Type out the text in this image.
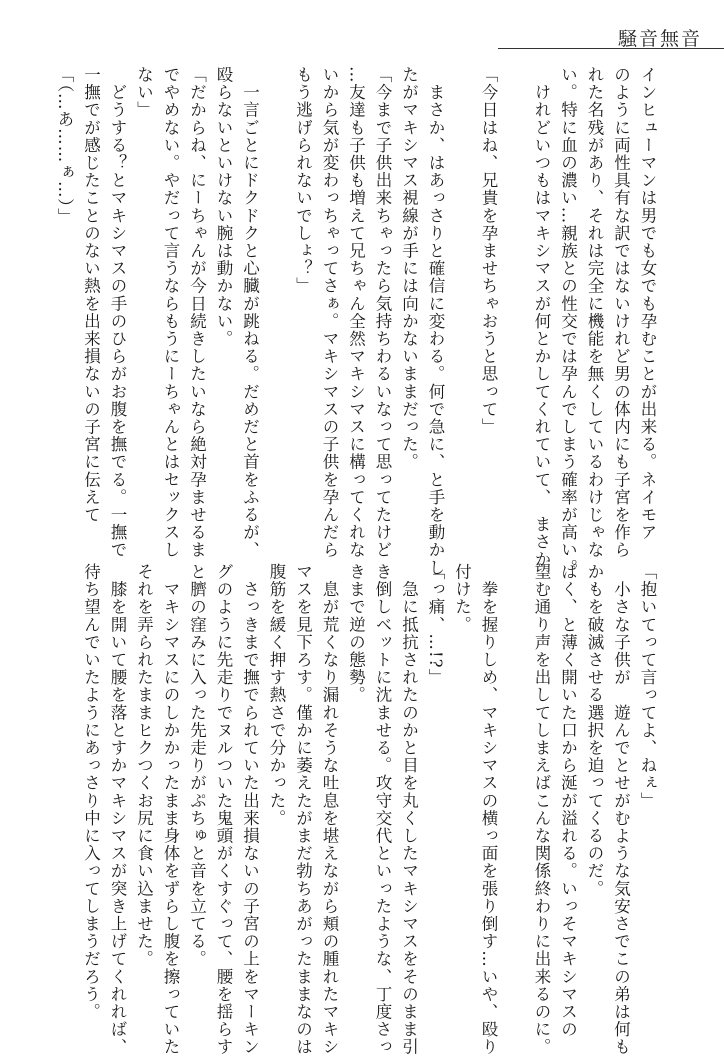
騒音無音
インヒューマンは男でも女でも孕むことが出来る。ネイモア
のように両性具有な訳ではないけれど男の体内にも子宮を作ら
れた名残があり、それは完全に機能を無くしているわけじゃな
い。特に血の濃い…親族との性交では孕んでしまう確率が高い。
　けれどいつもはマキシマスが何とかしてくれていて、　まさか
「今日はね、兄貴を孕ませちゃおうと思って」
　まさか、はあっさりと確信に変わる。何で急に、と手を動かし
たがマキシマス視線が手には向かないままだった。
「今まで子供出来ちゃったら気持ちわるいなって思ってたけど
…友達も子供も増えて兄ちゃん全然マキシマスに構ってくれな
いから気が変わっちゃってさぁ。マキシマスの子供を孕んだら
もう逃げられないでしょ？」
　一言ごとにドクドクと心臓が跳ねる。だめだと首をふるが、
殴らないといけない腕は動かない。
「だからね、にーちゃんが今日続きしたいなら絶対孕ませるま
でやめない。やだって言うならもうにーちゃんとはセックスし
ない」
　どうする？とマキシマスの手のひらがお腹を撫でる。一撫で
一撫でが感じたことのない熱を出来損ないの子宮に伝えて
「（…あ……ぁ…）」
「抱いてって言ってよ、ねぇ」
　小さな子供が　遊んでとせがむような気安さでこの弟は何も
かもを破滅させる選択を迫ってくるのだ。
ぱく、と薄く開いた口から涎が溢れる。いっそマキシマスの
望む通り声を出してしまえばこんな関係終わりに出来るのに。
　拳を握りしめ、マキシマスの横っ面を張り倒す…いや、殴り
付けた。
「っ痛、…!?」
　急に抵抗されたのかと目を丸くしたマキシマスをそのまま引
き倒しベットに沈ませる。攻守交代といったような、丁度さっ
きまで逆の態勢。
　息が荒くなり漏れそうな吐息を堪えながら頬の腫れたマキシ
マスを見下ろす。僅かに萎えたがまだ勃ちあがったままなのは
腹筋を緩く押す熱さで分かった。
　さっきまで撫でられていた出来損ないの子宮の上をマーキン
グのように先走りでヌルついた鬼頭がくすぐって、腰を揺らす
と臍の窪みに入った先走りがぷちゅと音を立てる。
　マキシマスにのしかかったまま身体をずらし腹を擦っていた
それを弄られたままヒクつくお尻に食い込ませた。
　膝を開いて腰を落とすかマキシマスが突き上げてくれれば、
待ち望んでいたようにあっさり中に入ってしまうだろう。
